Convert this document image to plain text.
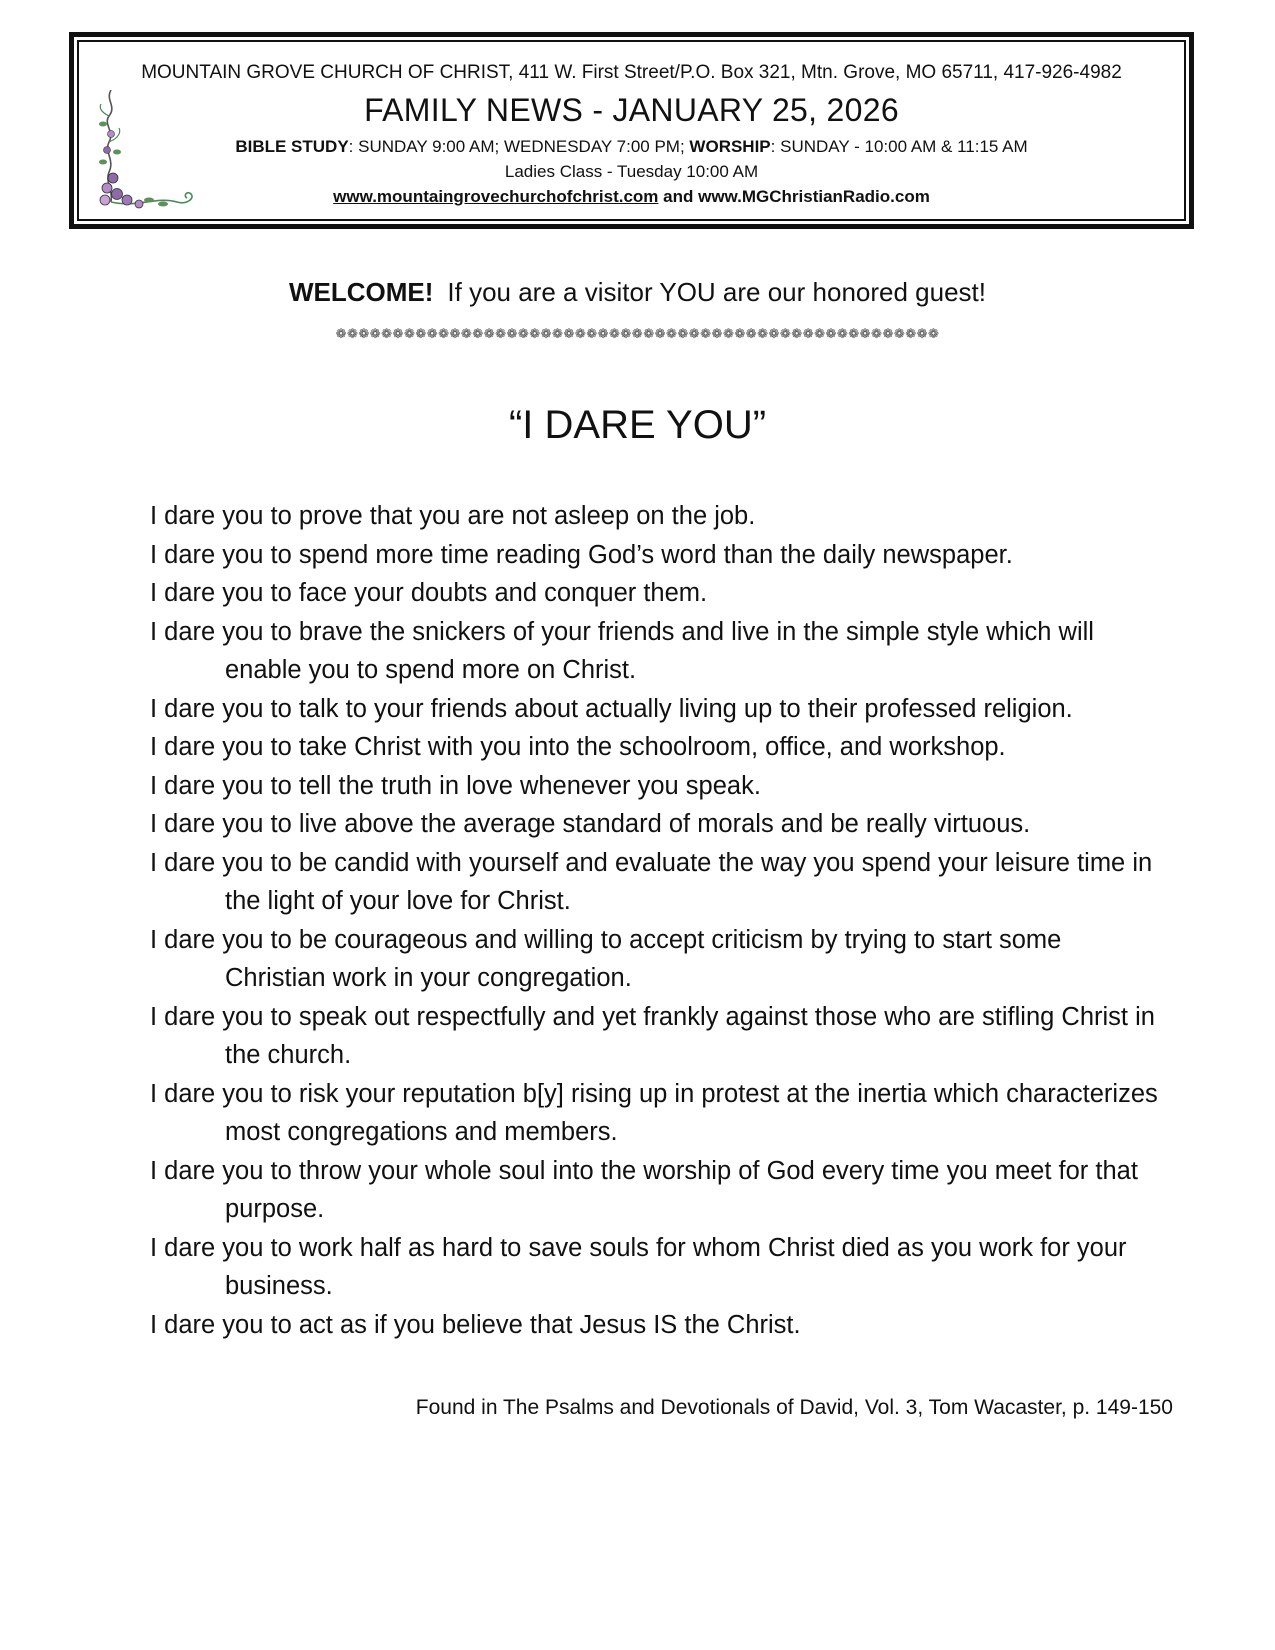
MOUNTAIN GROVE CHURCH OF CHRIST, 411 W. First Street/P.O. Box 321, Mtn. Grove, MO 65711, 417-926-4982
FAMILY NEWS - JANUARY 25, 2026
BIBLE STUDY: SUNDAY 9:00 AM; WEDNESDAY 7:00 PM; WORSHIP: SUNDAY - 10:00 AM & 11:15 AM
Ladies Class - Tuesday 10:00 AM
www.mountaingrovechurchofchrist.com and www.MGChristianRadio.com
WELCOME! If you are a visitor YOU are our honored guest!
❁❁❁❁❁❁❁❁❁❁❁❁❁❁❁❁❁❁❁❁❁❁❁❁❁❁❁❁❁❁❁❁❁❁❁❁❁❁❁❁❁❁❁❁❁❁❁❁❁❁❁❁❁
“I DARE YOU”
I dare you to prove that you are not asleep on the job.
I dare you to spend more time reading God’s word than the daily newspaper.
I dare you to face your doubts and conquer them.
I dare you to brave the snickers of your friends and live in the simple style which will enable you to spend more on Christ.
I dare you to talk to your friends about actually living up to their professed religion.
I dare you to take Christ with you into the schoolroom, office, and workshop.
I dare you to tell the truth in love whenever you speak.
I dare you to live above the average standard of morals and be really virtuous.
I dare you to be candid with yourself and evaluate the way you spend your leisure time in the light of your love for Christ.
I dare you to be courageous and willing to accept criticism by trying to start some Christian work in your congregation.
I dare you to speak out respectfully and yet frankly against those who are stifling Christ in the church.
I dare you to risk your reputation b[y] rising up in protest at the inertia which characterizes most congregations and members.
I dare you to throw your whole soul into the worship of God every time you meet for that purpose.
I dare you to work half as hard to save souls for whom Christ died as you work for your business.
I dare you to act as if you believe that Jesus IS the Christ.
Found in The Psalms and Devotionals of David, Vol. 3, Tom Wacaster, p. 149-150
